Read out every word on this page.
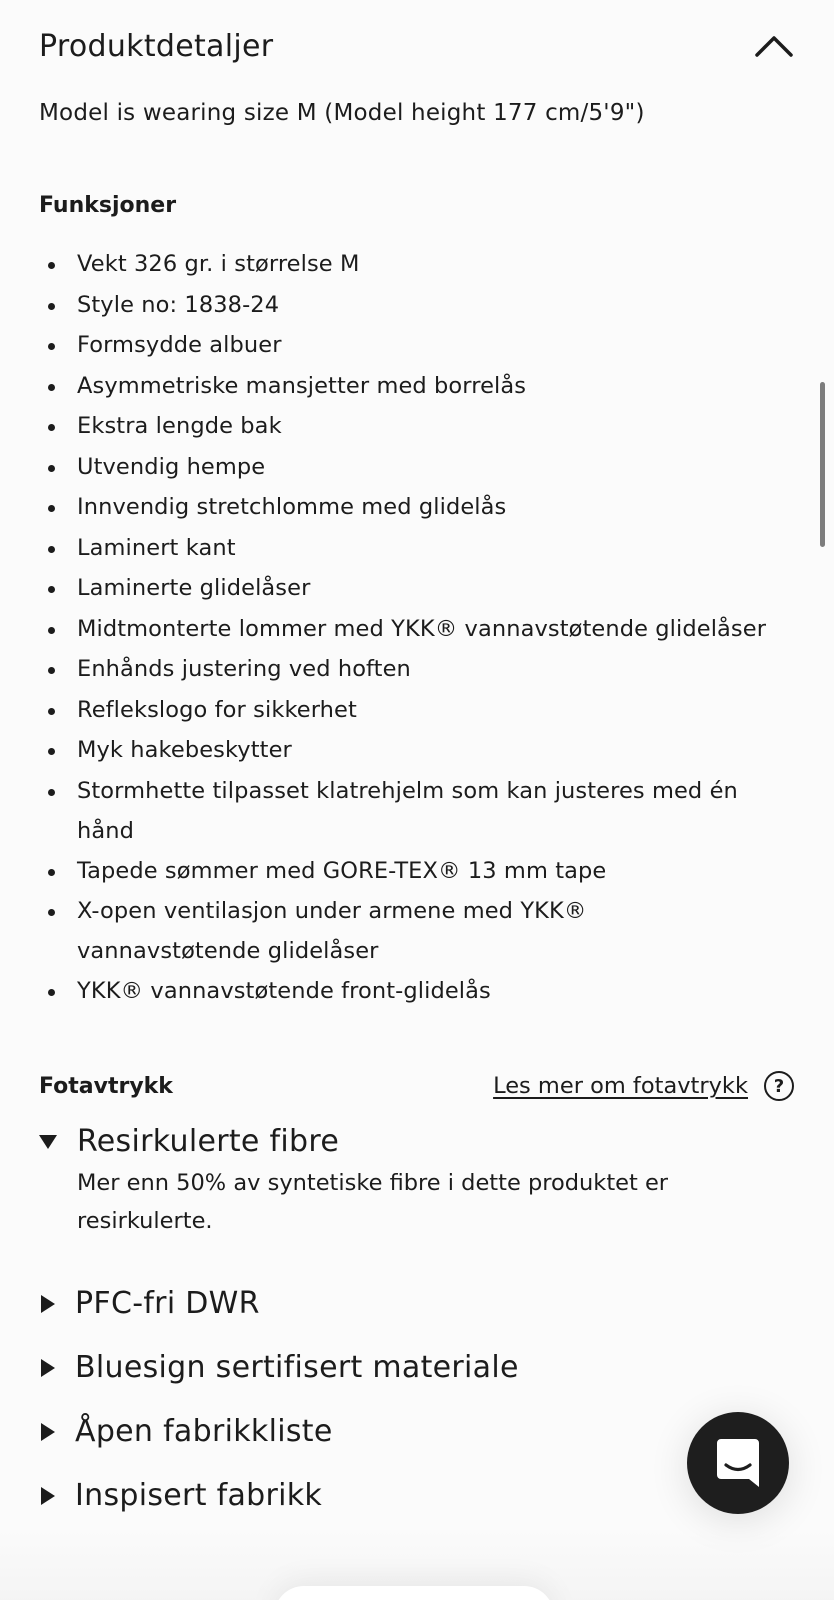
Produktdetaljer
Model is wearing size M (Model height 177 cm/5'9")
Funksjoner
Vekt 326 gr. i størrelse M
Style no: 1838-24
Formsydde albuer
Asymmetriske mansjetter med borrelås
Ekstra lengde bak
Utvendig hempe
Innvendig stretchlomme med glidelås
Laminert kant
Laminerte glidelåser
Midtmonterte lommer med YKK® vannavstøtende glidelåser
Enhånds justering ved hoften
Reflekslogo for sikkerhet
Myk hakebeskytter
Stormhette tilpasset klatrehjelm som kan justeres med én hånd
Tapede sømmer med GORE-TEX® 13 mm tape
X-open ventilasjon under armene med YKK® vannavstøtende glidelåser
YKK® vannavstøtende front-glidelås
Fotavtrykk	Les mer om fotavtrykk	?
Resirkulerte fibre
Mer enn 50% av syntetiske fibre i dette produktet er resirkulerte.
PFC-fri DWR
Bluesign sertifisert materiale
Åpen fabrikkliste
Inspisert fabrikk
